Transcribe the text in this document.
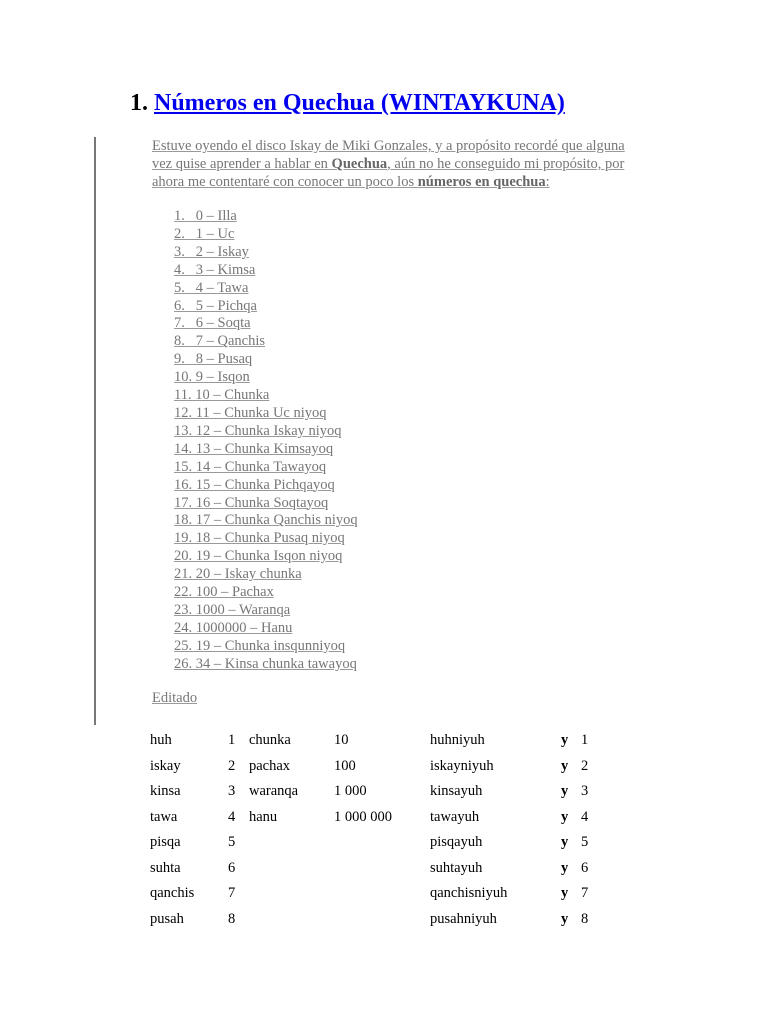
1. Números en Quechua (WINTAYKUNA)

Estuve oyendo el disco Iskay de Miki Gonzales, y a propósito recordé que alguna vez quise aprender a hablar en Quechua, aún no he conseguido mi propósito, por ahora me contentaré con conocer un poco los números en quechua:

1.   0 – Illa
2.   1 – Uc
3.   2 – Iskay
4.   3 – Kimsa
5.   4 – Tawa
6.   5 – Pichqa
7.   6 – Soqta
8.   7 – Qanchis
9.   8 – Pusaq
10. 9 – Isqon
11. 10 – Chunka
12. 11 – Chunka Uc niyoq
13. 12 – Chunka Iskay niyoq
14. 13 – Chunka Kimsayoq
15. 14 – Chunka Tawayoq
16. 15 – Chunka Pichqayoq
17. 16 – Chunka Soqtayoq
18. 17 – Chunka Qanchis niyoq
19. 18 – Chunka Pusaq niyoq
20. 19 – Chunka Isqon niyoq
21. 20 – Iskay chunka
22. 100 – Pachax
23. 1000 – Waranqa
24. 1000000 – Hanu
25. 19 – Chunka insqunniyoq
26. 34 – Kinsa chunka tawayoq
Editado
huh	1	chunka	10	huhniyuh	y	1
iskay	2	pachax	100	iskayniyuh	y	2
kinsa	3	waranqa	1 000	kinsayuh	y	3
tawa	4	hanu	1 000 000	tawayuh	y	4
pisqa	5			pisqayuh	y	5
suhta	6			suhtayuh	y	6
qanchis	7			qanchisniyuh	y	7
pusah	8			pusahniyuh	y	8
